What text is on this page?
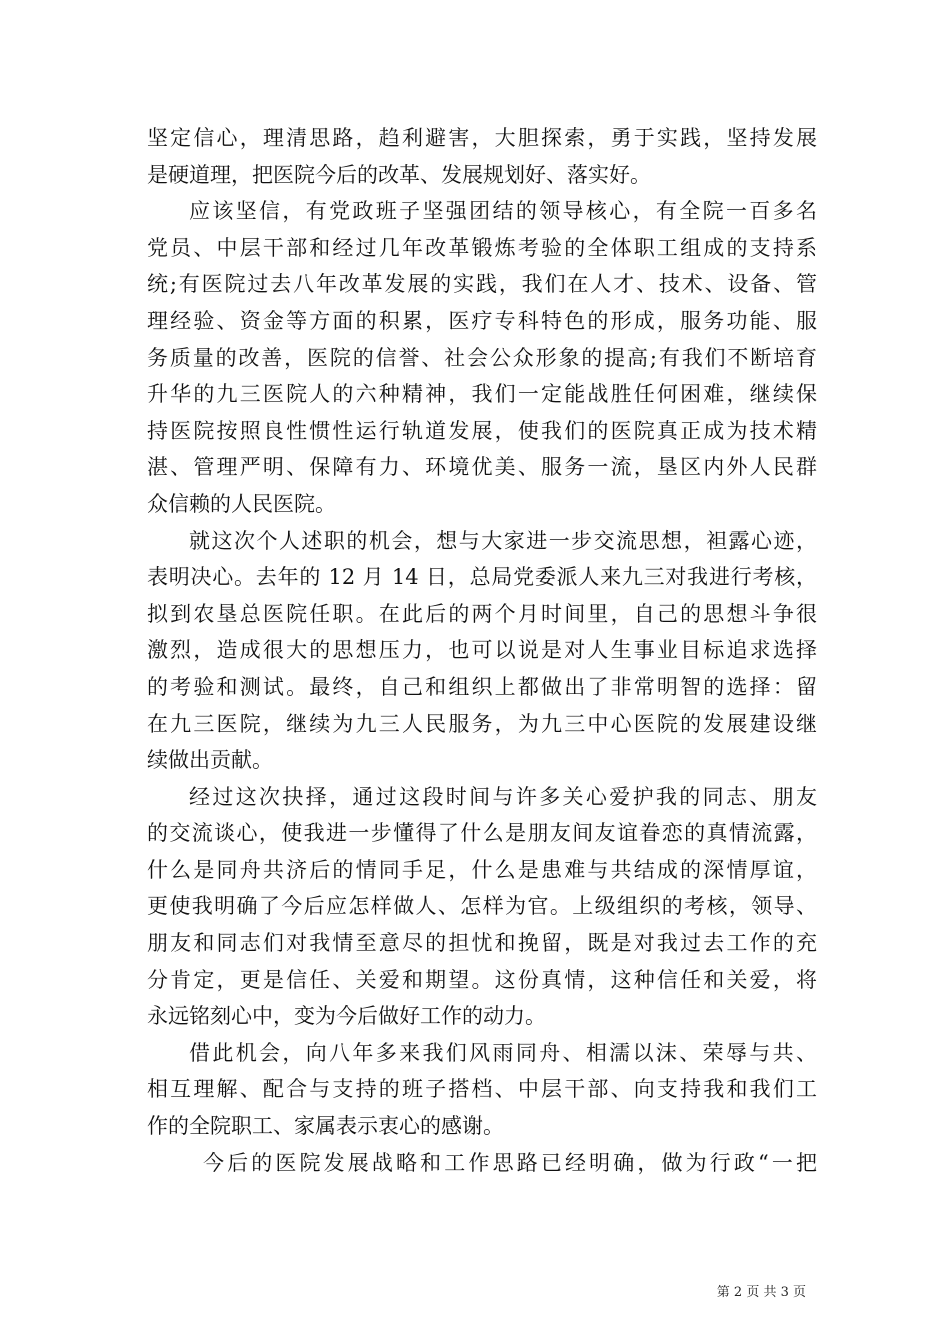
坚定信心，理清思路，趋利避害，大胆探索，勇于实践，坚持发展
是硬道理，把医院今后的改革、发展规划好、落实好。
应该坚信，有党政班子坚强团结的领导核心，有全院一百多名
党员、中层干部和经过几年改革锻炼考验的全体职工组成的支持系
统;有医院过去八年改革发展的实践，我们在人才、技术、设备、管
理经验、资金等方面的积累，医疗专科特色的形成，服务功能、服
务质量的改善，医院的信誉、社会公众形象的提高;有我们不断培育
升华的九三医院人的六种精神，我们一定能战胜任何困难，继续保
持医院按照良性惯性运行轨道发展，使我们的医院真正成为技术精
湛、管理严明、保障有力、环境优美、服务一流，垦区内外人民群
众信赖的人民医院。
就这次个人述职的机会，想与大家进一步交流思想，袒露心迹，
表明决心。去年的 12 月 14 日，总局党委派人来九三对我进行考核，
拟到农垦总医院任职。在此后的两个月时间里，自己的思想斗争很
激烈，造成很大的思想压力，也可以说是对人生事业目标追求选择
的考验和测试。最终，自己和组织上都做出了非常明智的选择：留
在九三医院，继续为九三人民服务，为九三中心医院的发展建设继
续做出贡献。
经过这次抉择，通过这段时间与许多关心爱护我的同志、朋友
的交流谈心，使我进一步懂得了什么是朋友间友谊眷恋的真情流露，
什么是同舟共济后的情同手足，什么是患难与共结成的深情厚谊，
更使我明确了今后应怎样做人、怎样为官。上级组织的考核，领导、
朋友和同志们对我情至意尽的担忧和挽留，既是对我过去工作的充
分肯定，更是信任、关爱和期望。这份真情，这种信任和关爱，将
永远铭刻心中，变为今后做好工作的动力。
借此机会，向八年多来我们风雨同舟、相濡以沫、荣辱与共、
相互理解、配合与支持的班子搭档、中层干部、向支持我和我们工
作的全院职工、家属表示衷心的感谢。
今后的医院发展战略和工作思路已经明确，做为行政“一把
第 2 页 共 3 页
